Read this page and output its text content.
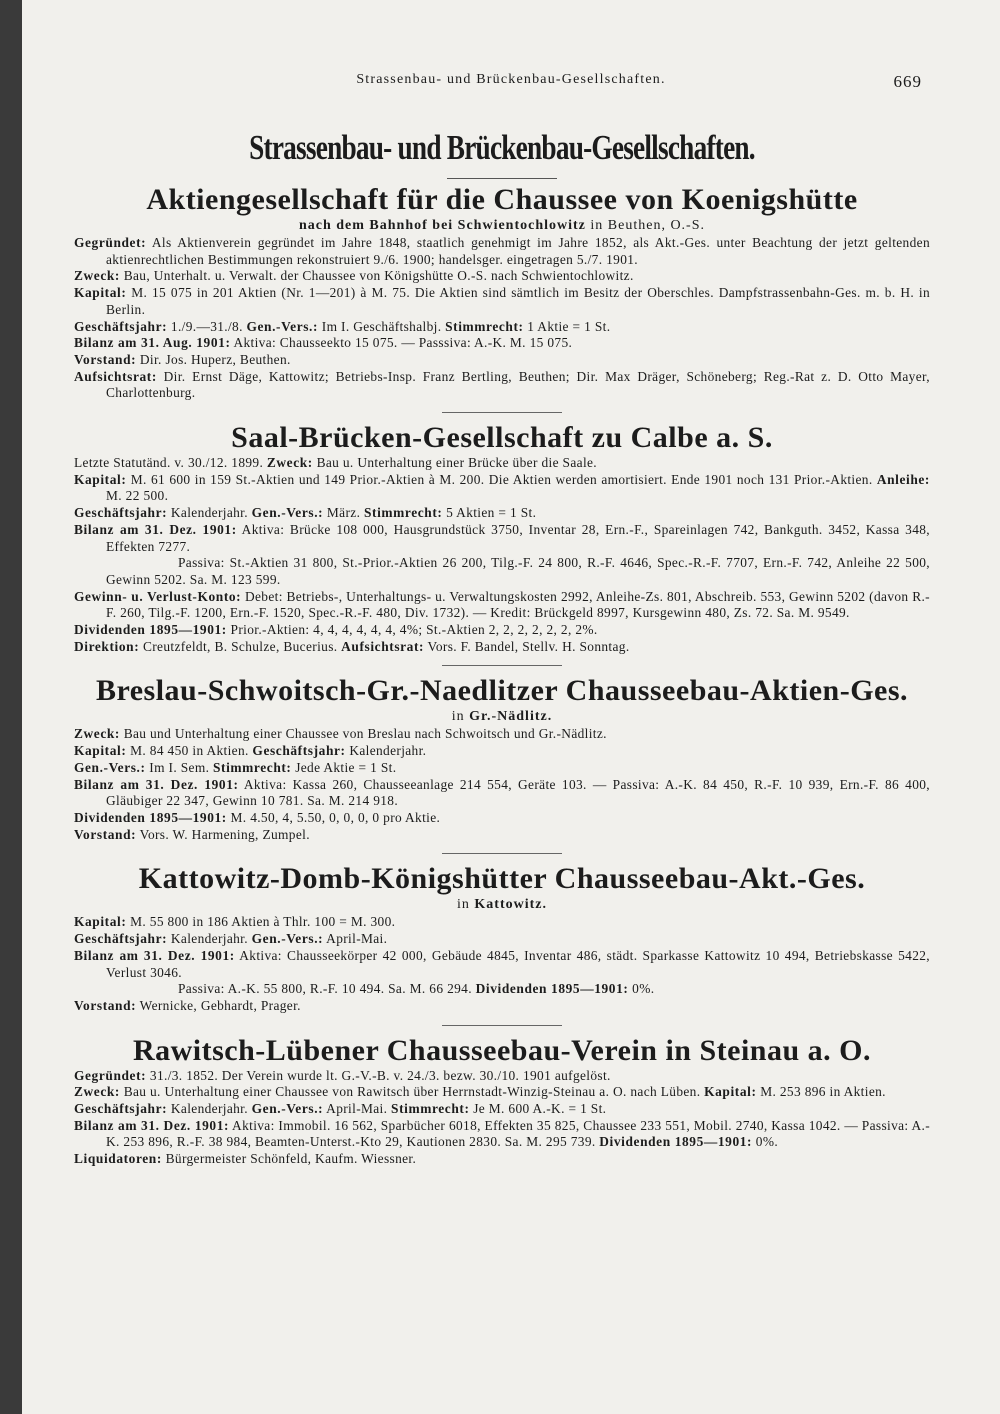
Strassenbau- und Brückenbau-Gesellschaften.	669
Strassenbau- und Brückenbau-Gesellschaften.
Aktiengesellschaft für die Chaussee von Koenigshütte
nach dem Bahnhof bei Schwientochlowitz in Beuthen, O.-S.

Gegründet: Als Aktienverein gegründet im Jahre 1848, staatlich genehmigt im Jahre 1852, als Akt.-Ges. unter Beachtung der jetzt geltenden aktienrechtlichen Bestimmungen rekonstruiert 9./6. 1900; handelsger. eingetragen 5./7. 1901.

Zweck: Bau, Unterhalt. u. Verwalt. der Chaussee von Königshütte O.-S. nach Schwientochlowitz.

Kapital: M. 15 075 in 201 Aktien (Nr. 1—201) à M. 75. Die Aktien sind sämtlich im Besitz der Oberschles. Dampfstrassenbahn-Ges. m. b. H. in Berlin.

Geschäftsjahr: 1./9.—31./8. Gen.-Vers.: Im I. Geschäftshalbj. Stimmrecht: 1 Aktie = 1 St.

Bilanz am 31. Aug. 1901: Aktiva: Chausseekto 15 075. — Passsiva: A.-K. M. 15 075.

Vorstand: Dir. Jos. Huperz, Beuthen.

Aufsichtsrat: Dir. Ernst Däge, Kattowitz; Betriebs-Insp. Franz Bertling, Beuthen; Dir. Max Dräger, Schöneberg; Reg.-Rat z. D. Otto Mayer, Charlottenburg.

Saal-Brücken-Gesellschaft zu Calbe a. S.

Letzte Statutänd. v. 30./12. 1899. Zweck: Bau u. Unterhaltung einer Brücke über die Saale.

Kapital: M. 61 600 in 159 St.-Aktien und 149 Prior.-Aktien à M. 200. Die Aktien werden amortisiert. Ende 1901 noch 131 Prior.-Aktien. Anleihe: M. 22 500.

Geschäftsjahr: Kalenderjahr. Gen.-Vers.: März. Stimmrecht: 5 Aktien = 1 St.

Bilanz am 31. Dez. 1901: Aktiva: Brücke 108 000, Hausgrundstück 3750, Inventar 28, Ern.-F., Spareinlagen 742, Bankguth. 3452, Kassa 348, Effekten 7277.
Passiva: St.-Aktien 31 800, St.-Prior.-Aktien 26 200, Tilg.-F. 24 800, R.-F. 4646, Spec.-R.-F. 7707, Ern.-F. 742, Anleihe 22 500, Gewinn 5202. Sa. M. 123 599.

Gewinn- u. Verlust-Konto: Debet: Betriebs-, Unterhaltungs- u. Verwaltungskosten 2992, Anleihe-Zs. 801, Abschreib. 553, Gewinn 5202 (davon R.-F. 260, Tilg.-F. 1200, Ern.-F. 1520, Spec.-R.-F. 480, Div. 1732). — Kredit: Brückgeld 8997, Kursgewinn 480, Zs. 72. Sa. M. 9549.

Dividenden 1895—1901: Prior.-Aktien: 4, 4, 4, 4, 4, 4, 4%; St.-Aktien 2, 2, 2, 2, 2, 2, 2%.

Direktion: Creutzfeldt, B. Schulze, Bucerius. Aufsichtsrat: Vors. F. Bandel, Stellv. H. Sonntag.

Breslau-Schwoitsch-Gr.-Naedlitzer Chausseebau-Aktien-Ges.
in Gr.-Nädlitz.

Zweck: Bau und Unterhaltung einer Chaussee von Breslau nach Schwoitsch und Gr.-Nädlitz.

Kapital: M. 84 450 in Aktien. Geschäftsjahr: Kalenderjahr.

Gen.-Vers.: Im I. Sem. Stimmrecht: Jede Aktie = 1 St.

Bilanz am 31. Dez. 1901: Aktiva: Kassa 260, Chausseeanlage 214 554, Geräte 103. — Passiva: A.-K. 84 450, R.-F. 10 939, Ern.-F. 86 400, Gläubiger 22 347, Gewinn 10 781. Sa. M. 214 918.

Dividenden 1895—1901: M. 4.50, 4, 5.50, 0, 0, 0, 0 pro Aktie.

Vorstand: Vors. W. Harmening, Zumpel.

Kattowitz-Domb-Königshütter Chausseebau-Akt.-Ges.
in Kattowitz.

Kapital: M. 55 800 in 186 Aktien à Thlr. 100 = M. 300.

Geschäftsjahr: Kalenderjahr. Gen.-Vers.: April-Mai.

Bilanz am 31. Dez. 1901: Aktiva: Chausseekörper 42 000, Gebäude 4845, Inventar 486, städt. Sparkasse Kattowitz 10 494, Betriebskasse 5422, Verlust 3046.
Passiva: A.-K. 55 800, R.-F. 10 494. Sa. M. 66 294. Dividenden 1895—1901: 0%.

Vorstand: Wernicke, Gebhardt, Prager.

Rawitsch-Lübener Chausseebau-Verein in Steinau a. O.

Gegründet: 31./3. 1852. Der Verein wurde lt. G.-V.-B. v. 24./3. bezw. 30./10. 1901 aufgelöst.

Zweck: Bau u. Unterhaltung einer Chaussee von Rawitsch über Herrnstadt-Winzig-Steinau a. O. nach Lüben. Kapital: M. 253 896 in Aktien.

Geschäftsjahr: Kalenderjahr. Gen.-Vers.: April-Mai. Stimmrecht: Je M. 600 A.-K. = 1 St.

Bilanz am 31. Dez. 1901: Aktiva: Immobil. 16 562, Sparbücher 6018, Effekten 35 825, Chaussee 233 551, Mobil. 2740, Kassa 1042. — Passiva: A.-K. 253 896, R.-F. 38 984, Beamten-Unterst.-Kto 29, Kautionen 2830. Sa. M. 295 739. Dividenden 1895—1901: 0%.

Liquidatoren: Bürgermeister Schönfeld, Kaufm. Wiessner.
